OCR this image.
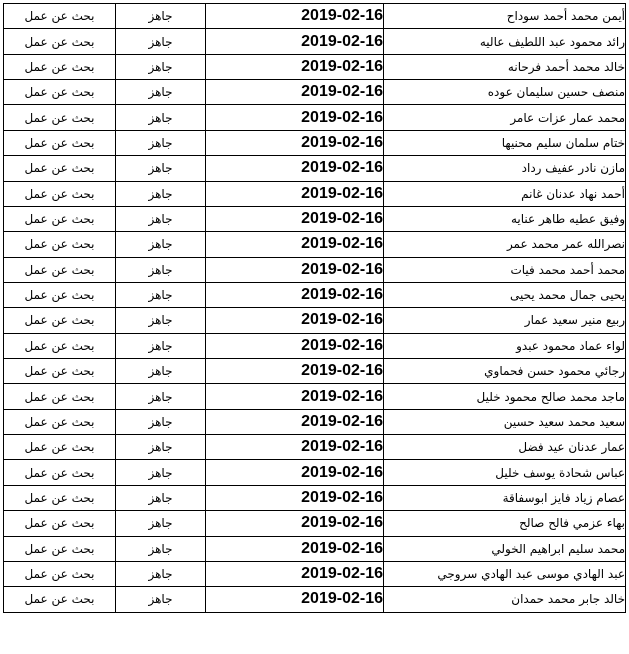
بحث عن عمل	جاهز	2019-02-16	أيمن محمد أحمد سوداح
بحث عن عمل	جاهز	2019-02-16	رائد محمود عبد اللطيف عاليه
بحث عن عمل	جاهز	2019-02-16	خالد محمد أحمد فرحانه
بحث عن عمل	جاهز	2019-02-16	منصف حسين سليمان عوده
بحث عن عمل	جاهز	2019-02-16	محمد عمار عزات عامر
بحث عن عمل	جاهز	2019-02-16	ختام سلمان سليم محنيها
بحث عن عمل	جاهز	2019-02-16	مازن نادر عفيف رداد
بحث عن عمل	جاهز	2019-02-16	أحمد نهاد عدنان غانم
بحث عن عمل	جاهز	2019-02-16	وفيق عطيه طاهر عنايه
بحث عن عمل	جاهز	2019-02-16	نصرالله عمر محمد عمر
بحث عن عمل	جاهز	2019-02-16	محمد أحمد محمد فيات
بحث عن عمل	جاهز	2019-02-16	يحيى جمال محمد يحيى
بحث عن عمل	جاهز	2019-02-16	ربيع منير سعيد عمار
بحث عن عمل	جاهز	2019-02-16	لواء عماد محمود عبدو
بحث عن عمل	جاهز	2019-02-16	رجائي محمود حسن فحماوي
بحث عن عمل	جاهز	2019-02-16	ماجد محمد صالح محمود خليل
بحث عن عمل	جاهز	2019-02-16	سعيد محمد سعيد حسين
بحث عن عمل	جاهز	2019-02-16	عمار عدنان عيد فضل
بحث عن عمل	جاهز	2019-02-16	عباس شحادة يوسف خليل
بحث عن عمل	جاهز	2019-02-16	عصام زياد فايز ابوسفاقة
بحث عن عمل	جاهز	2019-02-16	بهاء عزمي فالح صالح
بحث عن عمل	جاهز	2019-02-16	محمد سليم ابراهيم الخولي
بحث عن عمل	جاهز	2019-02-16	عبد الهادي موسى عبد الهادي سروجي
بحث عن عمل	جاهز	2019-02-16	خالد جابر محمد حمدان
